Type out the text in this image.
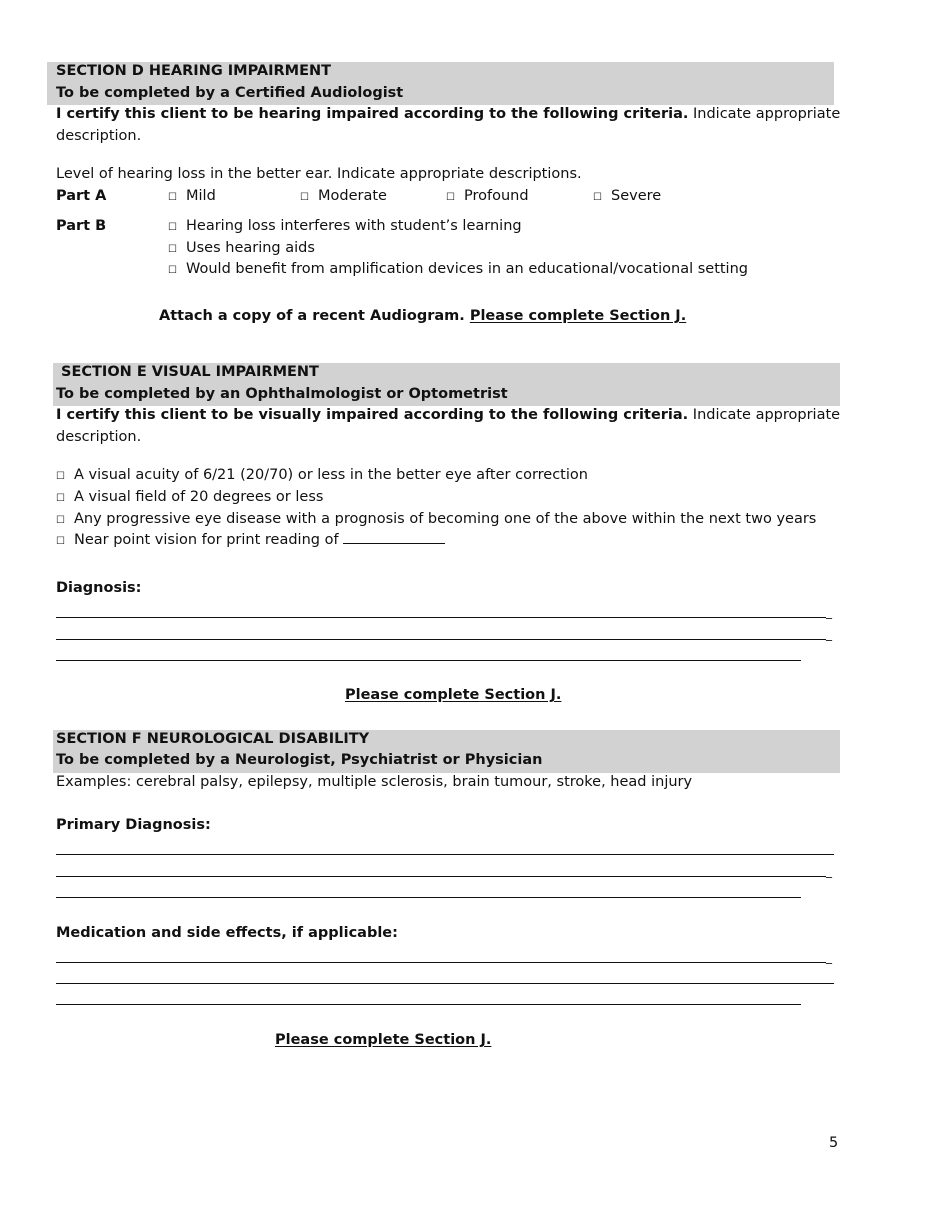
SECTION D HEARING IMPAIRMENT
To be completed by a Certified Audiologist
I certify this client to be hearing impaired according to the following criteria. Indicate appropriate
description.
Level of hearing loss in the better ear. Indicate appropriate descriptions.
Part A	☐ Mild	☐ Moderate	☐ Profound	☐ Severe
Part B	☐ Hearing loss interferes with student’s learning
☐ Uses hearing aids
☐ Would benefit from amplification devices in an educational/vocational setting
Attach a copy of a recent Audiogram. Please complete Section J.
SECTION E VISUAL IMPAIRMENT
To be completed by an Ophthalmologist or Optometrist
I certify this client to be visually impaired according to the following criteria. Indicate appropriate
description.
☐ A visual acuity of 6/21 (20/70) or less in the better eye after correction
☐ A visual field of 20 degrees or less
☐ Any progressive eye disease with a prognosis of becoming one of the above within the next two years
☐ Near point vision for print reading of
Diagnosis:
_
_
Please complete Section J.
SECTION F NEUROLOGICAL DISABILITY
To be completed by a Neurologist, Psychiatrist or Physician
Examples: cerebral palsy, epilepsy, multiple sclerosis, brain tumour, stroke, head injury
Primary Diagnosis:
_
Medication and side effects, if applicable:
_
Please complete Section J.
5
